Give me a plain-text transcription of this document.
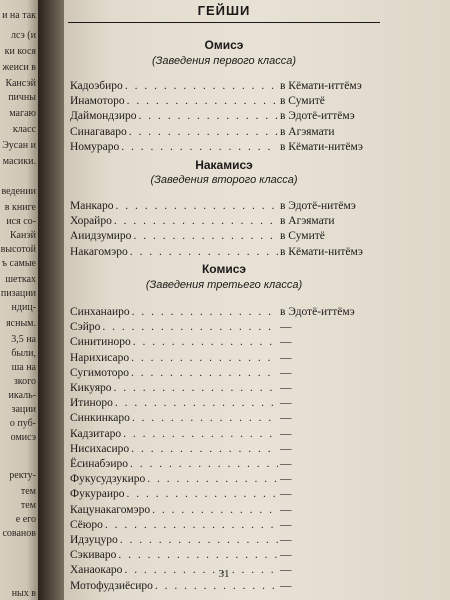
и на так
лсэ (и
ки кося
жеиси в
Кансэй
пичны
магаю
класс
Эусан и
масики.
ведении
в книге
ися со-
Канэй
высотой
ъ самые
шетках
пизации
ндиц-
ясным.
3,5 на
были,
ша на
зкого
икаль-
зации
о пуб-
омисэ
ректу-
тем
тем
е его
сованов
ных в
ГЕЙШИ
31
Омисэ
(Заведения первого класса)
Кадоэбиро . . .	в Кёмати-иттёмэ
Инамоторо . . .	в Сумитё
Даймондзиро . . .	в Эдотё-иттёмэ
Синагаваро . . .	в Агэямати
Номураро . . .	в Кёмати-нитёмэ
Накамисэ
(Заведения второго класса)
Манкаро . . .	в Эдотё-нитёмэ
Хорайро . . .	в Агэямати
Аиидзумиро . . .	в Сумитё
Накагомэро . . .	в Кёмати-нитёмэ
Комисэ
(Заведения третьего класса)
Синханаиро . . .	в Эдотё-иттёмэ
Сэйро . . .	—
Синитиноро . . .	—
Нарихисаро . . .	—
Сугимоторо . . .	—
Кикуяро . . .	—
Итиноро . . .	—
Синкинкаро . . .	—
Кадзитаро . . .	—
Нисихасиро . . .	—
Ёсинабэиро . . .	—
Фукусудзукиро . . .	—
Фукураиро . . .	—
Кацунакагомэро . . .	—
Сёюро . . .	—
Идзуцуро . . .	—
Сэкиваро . . .	—
Ханаокаро . . .	—
Мотофудзиёсиро . . .	—
